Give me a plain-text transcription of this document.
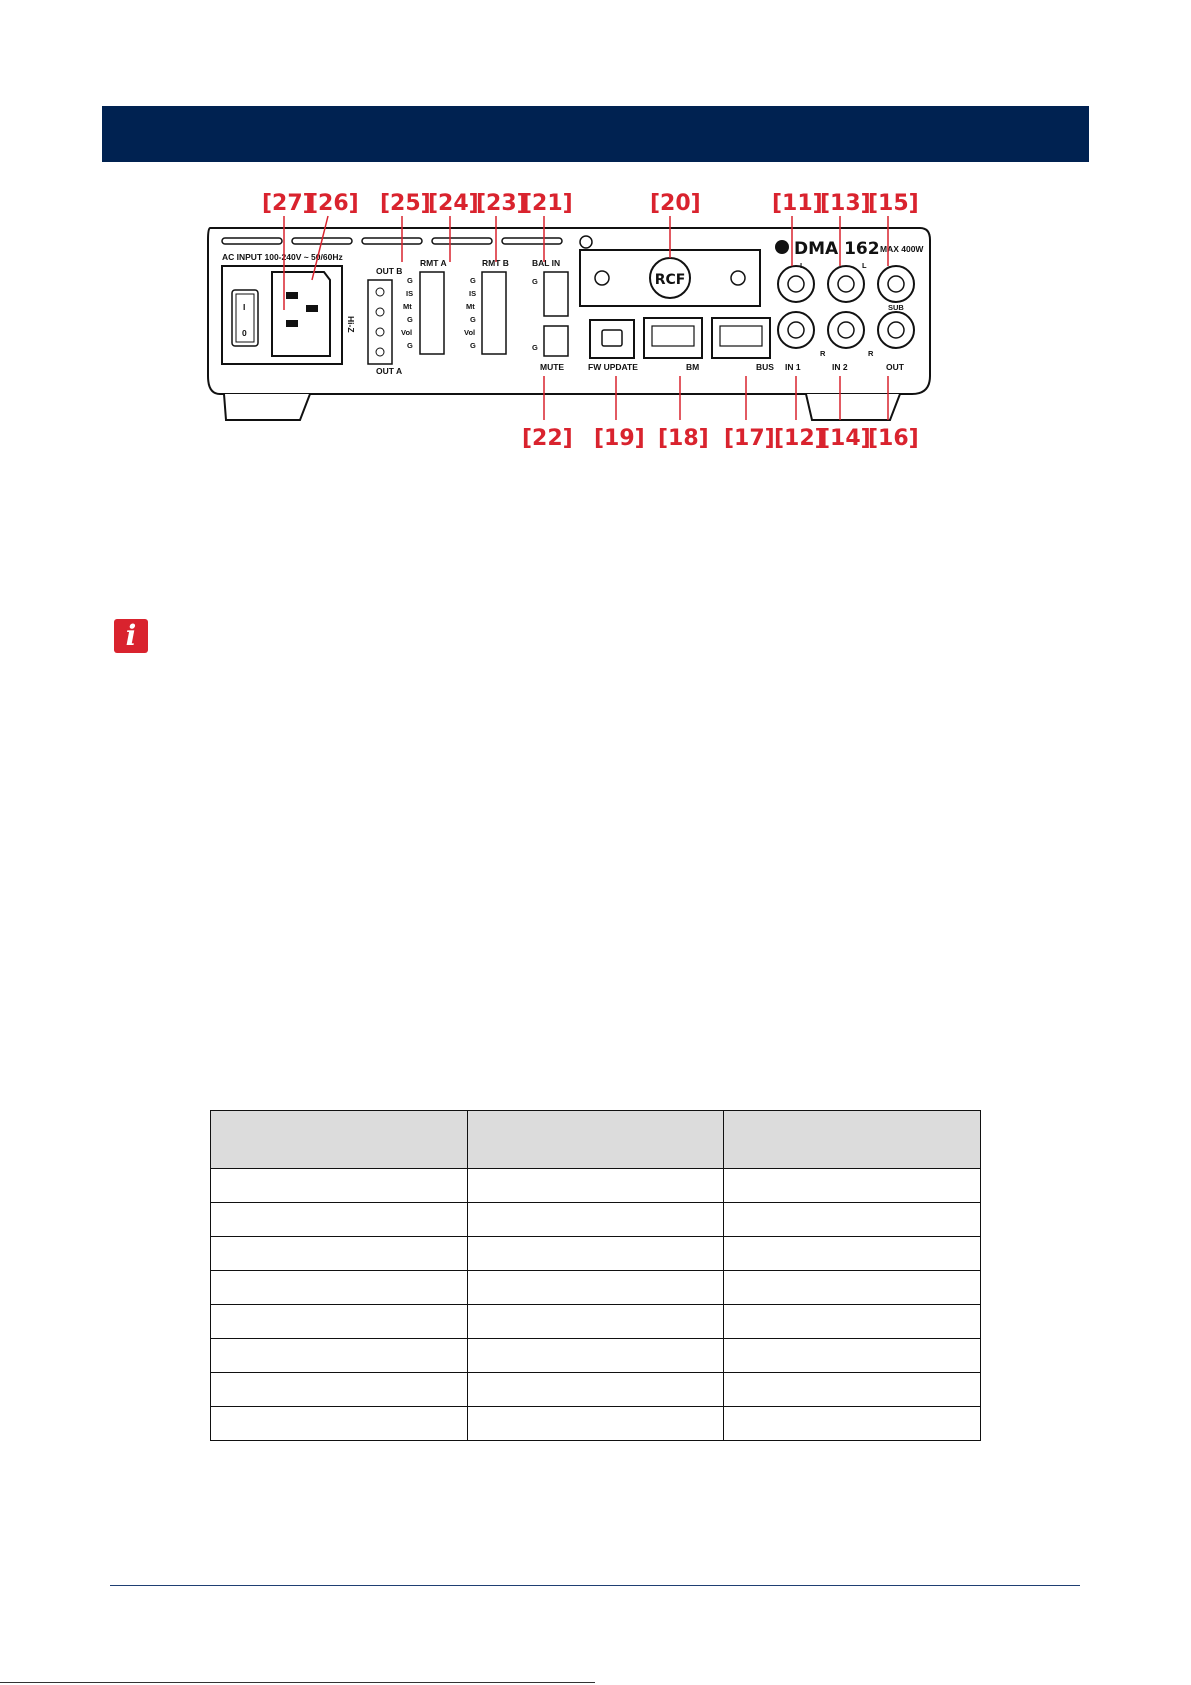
AC INPUT 100-240V ~ 50/60Hz
I
0
OUT B
OUT A
Hi-Z
RMT A
G
IS
Mt
G
Vol
G
RMT B
G
IS
Mt
G
Vol
G
BAL IN
G
G
MUTE
RCF
FW UPDATE	BM	BUS
DMA 162 MAX 400W
L	L
SUB
R	R
IN 1	IN 2	OUT
[27]
[26] [25]
[24]
[23]
[21]	[20]	[11]
[13]
[15]
[22] [19] [18] [17] [12]
[14]
[16]
i
